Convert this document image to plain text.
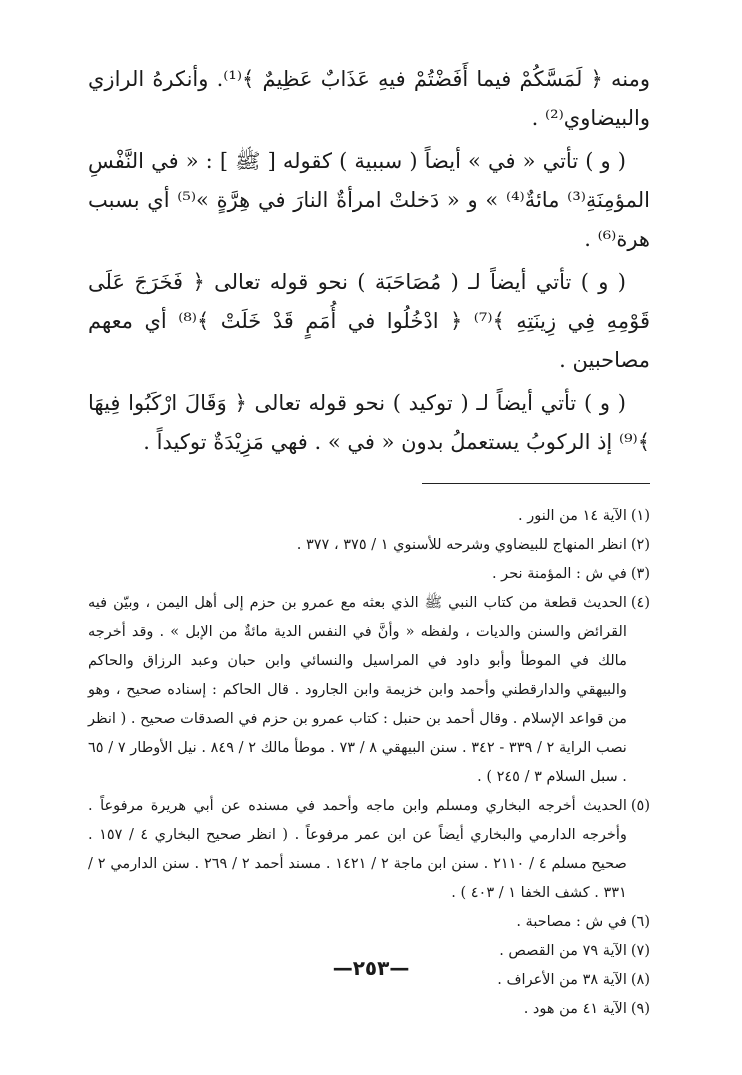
ومنه ﴿ لَمَسَّكُمْ فيما أَفَضْتُمْ فيهِ عَذَابٌ عَظِيمٌ ﴾⁽¹⁾. وأنكرهُ الرازي والبيضاوي⁽²⁾ .

( و ) تأتي « في » أيضاً ( سببية ) كقوله [ ﷺ ] : « في النَّفْسِ المؤمِنَةِ⁽³⁾ مائةٌ⁽⁴⁾ » و « دَخلتْ امرأةٌ النارَ في هِرَّةٍ »⁽⁵⁾ أي بسبب هرة⁽⁶⁾ .

( و ) تأتي أيضاً لـ ( مُصَاحَبَة ) نحو قوله تعالى ﴿ فَخَرَجَ عَلَى قَوْمِهِ فِي زِينَتِهِ ﴾⁽⁷⁾ ﴿ ادْخُلُوا في أُمَمٍ قَدْ خَلَتْ ﴾⁽⁸⁾ أي معهم مصاحبين .

( و ) تأتي أيضاً لـ ( توكيد ) نحو قوله تعالى ﴿ وَقَالَ ارْكَبُوا فِيهَا ﴾⁽⁹⁾ إذ الركوبُ يستعملُ بدون « في » . فهي مَزِيْدَةٌ توكيداً .

(١)
الآية ١٤ من النور .
(٢)
انظر المنهاج للبيضاوي وشرحه للأسنوي ١ / ٣٧٥ ، ٣٧٧ .
(٣)
في ش : المؤمنة نحر .
(٤)
الحديث قطعة من كتاب النبي ﷺ الذي بعثه مع عمرو بن حزم إلى أهل اليمن ، وبيّن فيه القرائض والسنن والديات ، ولفظه « وأنَّ في النفس الدية مائةٌ من الإبل » . وقد أخرجه مالك في الموطأ وأبو داود في المراسيل والنسائي وابن حبان وعبد الرزاق والحاكم والبيهقي والدارقطني وأحمد وابن خزيمة وابن الجارود . قال الحاكم : إسناده صحيح ، وهو من قواعد الإسلام . وقال أحمد بن حنبل : كتاب عمرو بن حزم في الصدقات صحيح . ( انظر نصب الراية ٢ / ٣٣٩ - ٣٤٢ . سنن البيهقي ٨ / ٧٣ . موطأ مالك ٢ / ٨٤٩ . نيل الأوطار ٧ / ٦٥ . سبل السلام ٣ / ٢٤٥ ) .
(٥)
الحديث أخرجه البخاري ومسلم وابن ماجه وأحمد في مسنده عن أبي هريرة مرفوعاً . وأخرجه الدارمي والبخاري أيضاً عن ابن عمر مرفوعاً . ( انظر صحيح البخاري ٤ / ١٥٧ . صحيح مسلم ٤ / ٢١١٠ . سنن ابن ماجة ٢ / ١٤٢١ . مسند أحمد ٢ / ٢٦٩ . سنن الدارمي ٢ / ٣٣١ . كشف الخفا ١ / ٤٠٣ ) .
(٦)
في ش : مصاحبة .
(٧)
الآية ٧٩ من القصص .
(٨)
الآية ٣٨ من الأعراف .
(٩)
الآية ٤١ من هود .
—٢٥٣—
